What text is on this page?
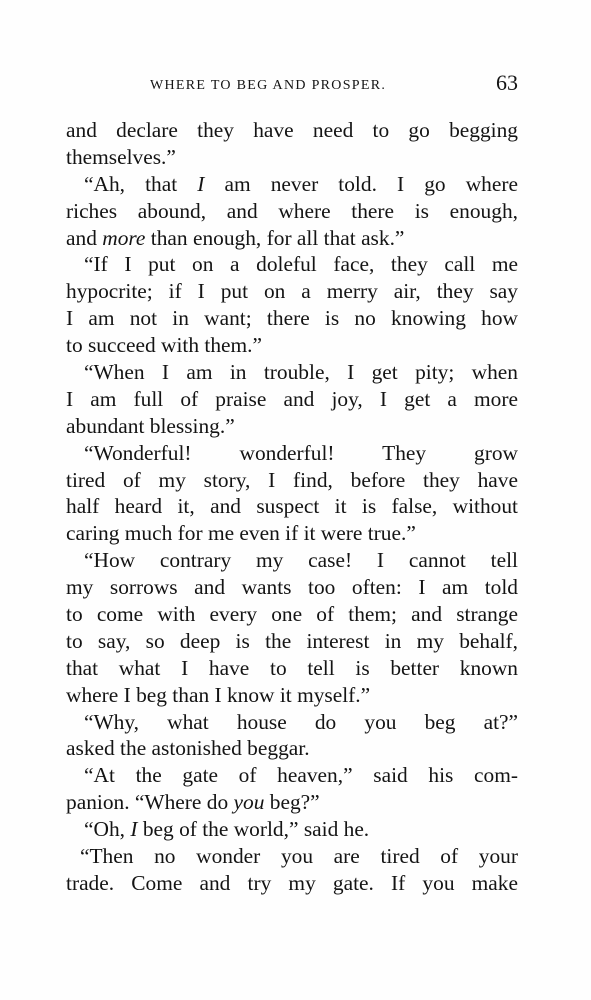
WHERE TO BEG AND PROSPER.	63
and declare they have need to go begging
themselves.”
“Ah, that I am never told. I go where
riches abound, and where there is enough,
and more than enough, for all that ask.”
“If I put on a doleful face, they call me
hypocrite; if I put on a merry air, they say
I am not in want; there is no knowing how
to succeed with them.”
“When I am in trouble, I get pity; when
I am full of praise and joy, I get a more
abundant blessing.”
“Wonderful! wonderful! They grow
tired of my story, I find, before they have
half heard it, and suspect it is false, without
caring much for me even if it were true.”
“How contrary my case! I cannot tell
my sorrows and wants too often: I am told
to come with every one of them; and strange
to say, so deep is the interest in my behalf,
that what I have to tell is better known
where I beg than I know it myself.”
“Why, what house do you beg at?”
asked the astonished beggar.
“At the gate of heaven,” said his com-
panion. “Where do you beg?”
“Oh, I beg of the world,” said he.
“Then no wonder you are tired of your
trade. Come and try my gate. If you make
